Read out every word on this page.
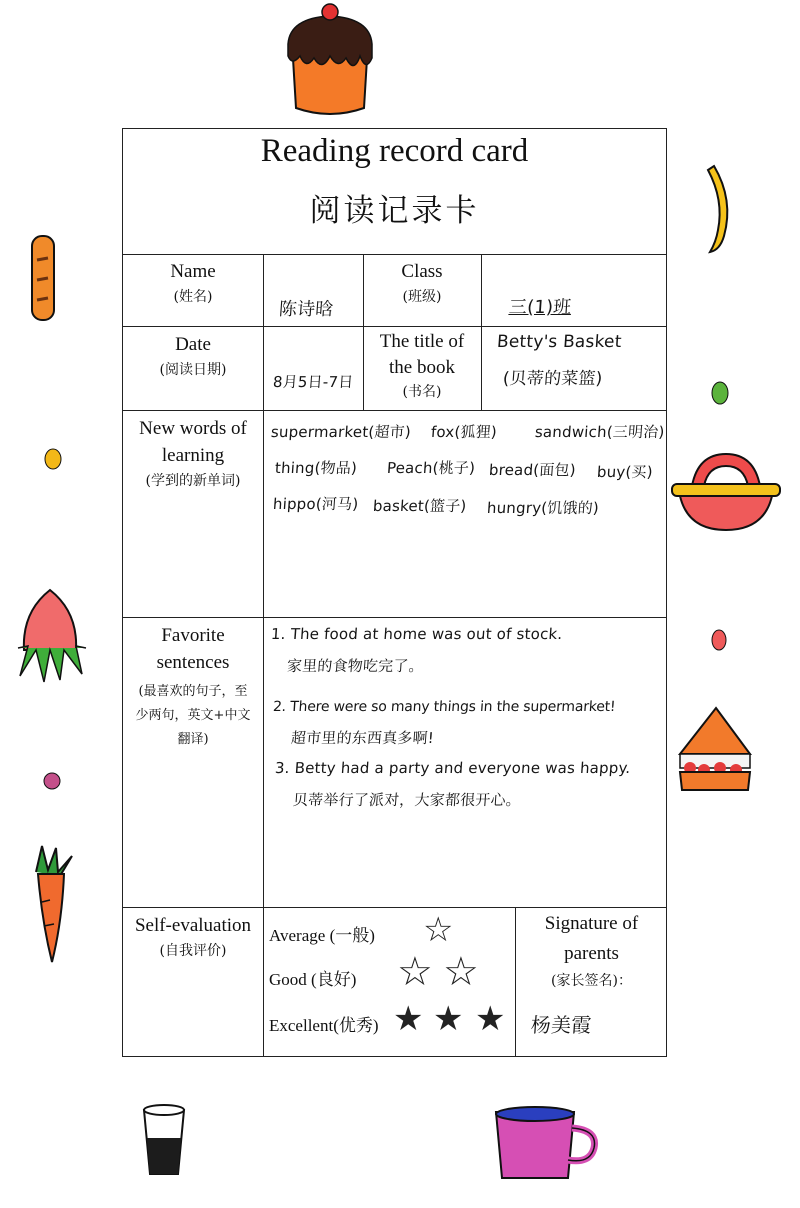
Reading record card
阅读记录卡
Name
(姓名)
陈诗晗
Class
(班级)	三(1)班
Date
(阅读日期)
8月5日-7日
The title of
the book
(书名)
Betty's Basket
(贝蒂的菜篮)
New words of
learning
(学到的新单词)
supermarket(超市) fox(狐狸) sandwich(三明治)
thing(物品) Peach(桃子) bread(面包) buy(买)
hippo(河马) basket(篮子) hungry(饥饿的)
Favorite
sentences
(最喜欢的句子，至
少两句，英文+中文
翻译)
1. The food at home was out of stock.
家里的食物吃完了。
2. There were so many things in the supermarket!
超市里的东西真多啊!
3. Betty had a party and everyone was happy.
贝蒂举行了派对，大家都很开心。
Self-evaluation
(自我评价)
Average (一般) ☆
Good (良好) ☆ ☆
Excellent(优秀) ★ ★ ★
Signature of
parents
(家长签名)：
杨美霞
